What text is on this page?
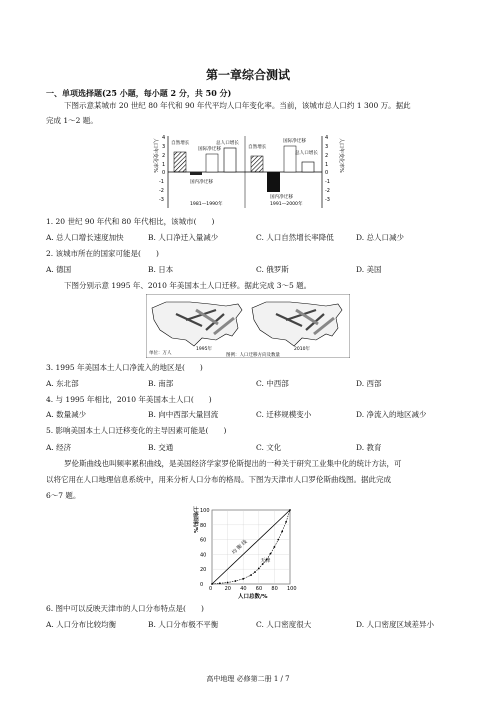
第一章综合测试
一、单项选择题(25 小题，每小题 2 分，共 50 分)
下图示意某城市 20 世纪 80 年代和 90 年代平均人口年变化率。当前，该城市总人口约 1 300 万。据此
完成 1～2 题。
4
3
2
1
0
-1
-2
-3
4
3
2
1
0
-1
-2
-3
人口年变化率%	人口年变化率%
自然增长
国际净迁移
总人口增长
国内净迁移
1981—1990年
自然增长
国际净迁移
总人口增长
国内净迁移
1991—2000年
1. 20 世纪 90 年代和 80 年代相比，该城市(　　)
A. 总人口增长速度加快	B. 人口净迁入量减少	C. 人口自然增长率降低	D. 总人口减少
2. 该城市所在的国家可能是(　　)
A. 德国	B. 日本	C. 俄罗斯	D. 美国
下图分别示意 1995 年、2010 年美国本土人口迁移。据此完成 3～5 题。
单位：万人
1995年	2010年
图例：人口迁移方向及数量
3. 1995 年美国本土人口净流入的地区是(　　)
A. 东北部	B. 南部	C. 中西部	D. 西部
4. 与 1995 年相比，2010 年美国本土人口(　　)
A. 数量减少	B. 向中西部大量回流	C. 迁移规模变小	D. 净流入的地区减少
5. 影响美国本土人口迁移变化的主导因素可能是(　　)
A. 经济	B. 交通	C. 文化	D. 教育
罗伦斯曲线也叫频率累积曲线，是美国经济学家罗伦斯提出的一种关于研究工业集中化的统计方法，可
以将它用在人口地理信息系统中，用来分析人口分布的格局。下图为天津市人口罗伦斯曲线图。据此完成
6～7 题。
土地面积/%
0 20 40 60 80 100
0
20
40
60
80
100
均 衡 线
天津
人口总数/%
6. 图中可以反映天津市的人口分布特点是(　　)
A. 人口分布比较均衡	B. 人口分布极不平衡	C. 人口密度很大	D. 人口密度区域差异小
高中地理 必修第二册 1 / 7
